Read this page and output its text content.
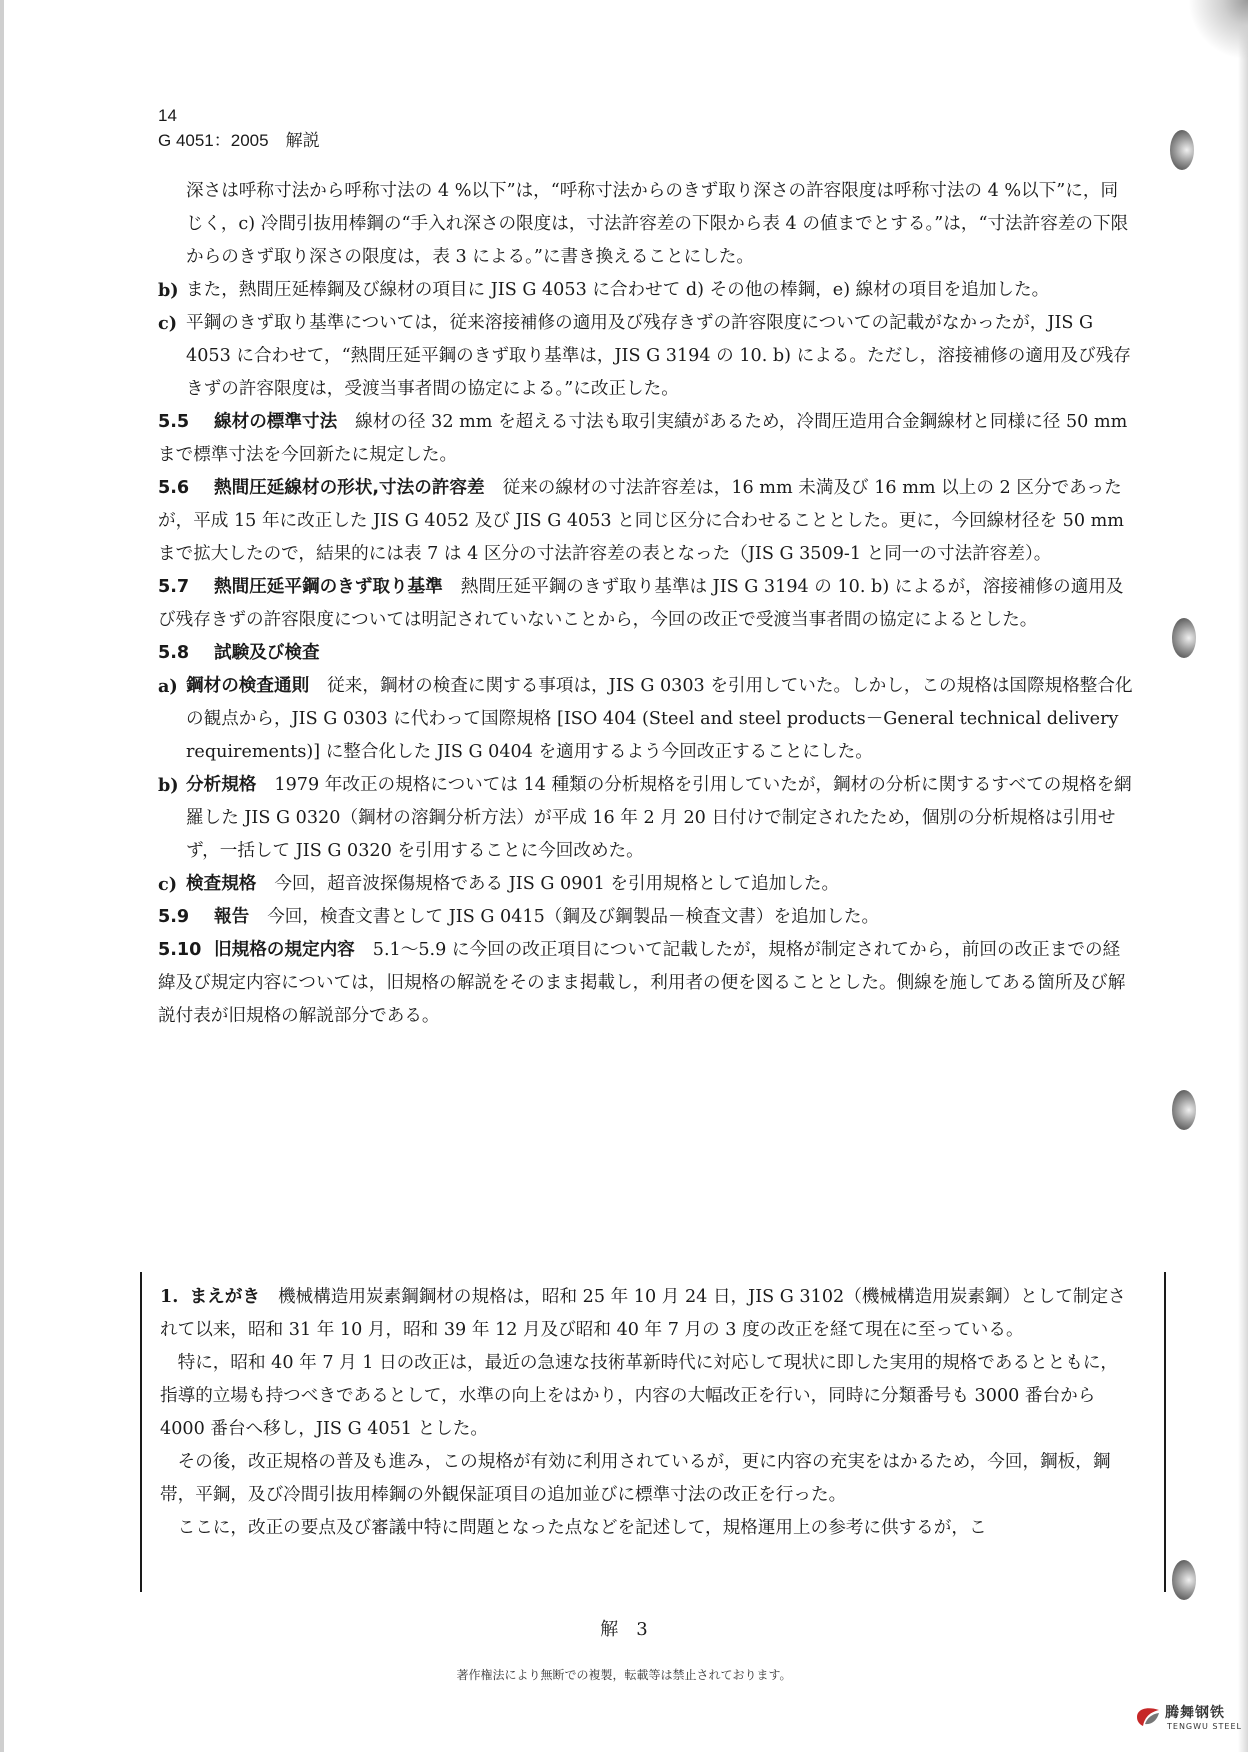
14
G 4051：2005　解説

深さは呼称寸法から呼称寸法の 4 %以下”は，“呼称寸法からのきず取り深さの許容限度は呼称寸法の 4 %以下”に，同じく，c) 冷間引抜用棒鋼の“手入れ深さの限度は，寸法許容差の下限から表 4 の値までとする。”は，“寸法許容差の下限からのきず取り深さの限度は，表 3 による。”に書き換えることにした。

b) また，熱間圧延棒鋼及び線材の項目に JIS G 4053 に合わせて d) その他の棒鋼，e) 線材の項目を追加した。

c) 平鋼のきず取り基準については，従来溶接補修の適用及び残存きずの許容限度についての記載がなかったが，JIS G 4053 に合わせて，“熱間圧延平鋼のきず取り基準は，JIS G 3194 の 10. b) による。ただし，溶接補修の適用及び残存きずの許容限度は，受渡当事者間の協定による。”に改正した。

5.5 線材の標準寸法 線材の径 32 mm を超える寸法も取引実績があるため，冷間圧造用合金鋼線材と同様に径 50 mm まで標準寸法を今回新たに規定した。

5.6 熱間圧延線材の形状,寸法の許容差 従来の線材の寸法許容差は，16 mm 未満及び 16 mm 以上の 2 区分であったが，平成 15 年に改正した JIS G 4052 及び JIS G 4053 と同じ区分に合わせることとした。更に，今回線材径を 50 mm まで拡大したので，結果的には表 7 は 4 区分の寸法許容差の表となった（JIS G 3509-1 と同一の寸法許容差）。

5.7 熱間圧延平鋼のきず取り基準 熱間圧延平鋼のきず取り基準は JIS G 3194 の 10. b) によるが，溶接補修の適用及び残存きずの許容限度については明記されていないことから，今回の改正で受渡当事者間の協定によるとした。

5.8 試験及び検査

a) 鋼材の検査通則 従来，鋼材の検査に関する事項は，JIS G 0303 を引用していた。しかし，この規格は国際規格整合化の観点から，JIS G 0303 に代わって国際規格 [ISO 404 (Steel and steel products－General technical delivery requirements)] に整合化した JIS G 0404 を適用するよう今回改正することにした。

b) 分析規格 1979 年改正の規格については 14 種類の分析規格を引用していたが，鋼材の分析に関するすべての規格を網羅した JIS G 0320（鋼材の溶鋼分析方法）が平成 16 年 2 月 20 日付けで制定されたため，個別の分析規格は引用せず，一括して JIS G 0320 を引用することに今回改めた。

c) 検査規格 今回，超音波探傷規格である JIS G 0901 を引用規格として追加した。

5.9 報告 今回，検査文書として JIS G 0415（鋼及び鋼製品－検査文書）を追加した。

5.10 旧規格の規定内容 5.1～5.9 に今回の改正項目について記載したが，規格が制定されてから，前回の改正までの経緯及び規定内容については，旧規格の解説をそのまま掲載し，利用者の便を図ることとした。側線を施してある箇所及び解説付表が旧規格の解説部分である。

1. まえがき 機械構造用炭素鋼鋼材の規格は，昭和 25 年 10 月 24 日，JIS G 3102（機械構造用炭素鋼）として制定されて以来，昭和 31 年 10 月，昭和 39 年 12 月及び昭和 40 年 7 月の 3 度の改正を経て現在に至っている。

特に，昭和 40 年 7 月 1 日の改正は，最近の急速な技術革新時代に対応して現状に即した実用的規格であるとともに，指導的立場も持つべきであるとして，水準の向上をはかり，内容の大幅改正を行い，同時に分類番号も 3000 番台から 4000 番台へ移し，JIS G 4051 とした。

その後，改正規格の普及も進み，この規格が有効に利用されているが，更に内容の充実をはかるため，今回，鋼板，鋼帯，平鋼，及び冷間引抜用棒鋼の外観保証項目の追加並びに標準寸法の改正を行った。

ここに，改正の要点及び審議中特に問題となった点などを記述して，規格運用上の参考に供するが，こ

解　3
著作権法により無断での複製，転載等は禁止されております。
腾舞钢铁
TENGWU STEEL
